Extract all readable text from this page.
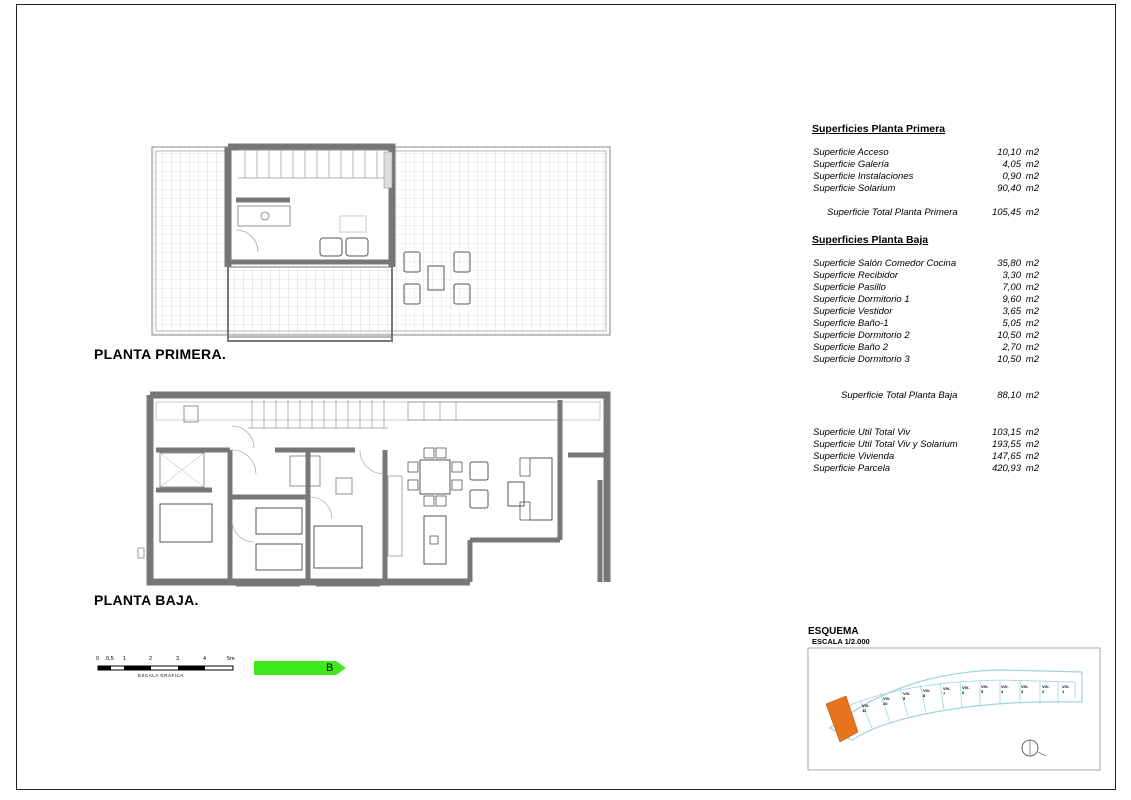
PLANTA PRIMERA.
PLANTA BAJA.
0 0,5 1	2	3	4	5m
ESCALA GRAFICA
B
Superficies Planta Primera
Superficie Acceso	10,10 m2
Superficie Galería	4,05 m2
Superficie Instalaciones	0,90 m2
Superficie Solarium	90,40 m2
Superficie Total Planta Primera	105,45 m2
Superficies Planta Baja
Superficie Salón Comedor Cocina	35,80 m2
Superficie Recibidor	3,30 m2
Superficie Pasillo	7,00 m2
Superficie Dormitorio 1	9,60 m2
Superficie Vestidor	3,65 m2
Superficie Baño-1	5,05 m2
Superficie Dormitorio 2	10,50 m2
Superficie Baño 2	2,70 m2
Superficie Dormitorio 3	10,50 m2
Superficie Total Planta Baja	88,10 m2
Superficie Util Total Viv	103,15 m2
Superficie Util Total Viv y Solarium	193,55 m2
Superficie Vivienda	147,65 m2
Superficie Parcela	420,93 m2
ESQUEMA
ESCALA 1/2.000
VIV-1
VIV-2
VIV-3
VIV-4
VIV-5
VIV-6
VIV-7
VIV-8
VIV-9
VIV-10
VIV-11
